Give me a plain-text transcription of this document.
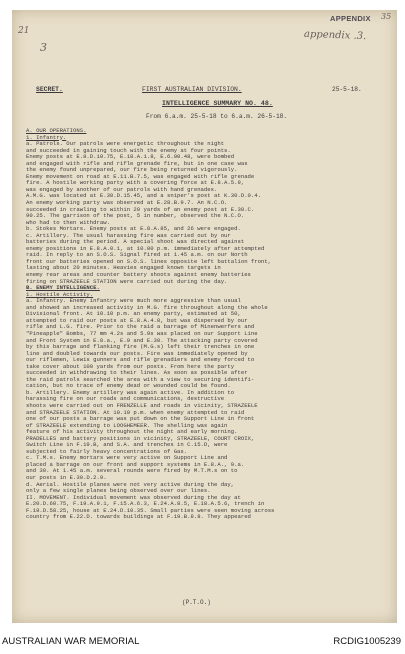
APPENDIX 35
21
3
appendix .3.
SECRET.	FIRST AUSTRALIAN DIVISION.	25-5-18.
INTELLIGENCE SUMMARY NO. 48.
From 6.a.m. 25-5-18 to 6.a.m. 26-5-18.
A. OUR OPERATIONS.
1. Infantry.
a. Patrols. Our patrols were energetic throughout the night
and succeeded in gaining touch with the enemy at four points.
Enemy posts at E.8.D.10.75, E.18.A.1.8, E.6.00.48, were bombed
and engaged with rifle and rifle grenade fire, but in one case was
the enemy found unprepared, our fire being returned vigorously.
Enemy movement on road at E.11.B.7.5, was engaged with rifle grenade
fire. A hostile working party with a covering force at E.8.A.5.9,
was engaged by another of our patrols with hand grenades.
A.M.G. was located at E.30.D.15.45, and a sniper's post at K.30.D.0.4.
An enemy working party was observed at E.28.B.9.7. An N.C.O.
succeeded in crawling to within 20 yards of an enemy post at E.30.C.
90.25. The garrison of the post, 5 in number, observed the N.C.O.
who had to then withdraw.
b. Stokes Mortars. Enemy posts at E.8.A.85, and 26 were engaged.
c. Artillery. The usual harassing fire was carried out by our
batteries during the period. A special shoot was directed against
enemy positions in E.8.A.0.1, at 10.00 p.m. immediately after attempted
raid. In reply to an S.O.S. Signal fired at 1.45 a.m. on our North
front our batteries opened on S.O.S. lines opposite left battalion front,
lasting about 20 minutes. Heavies engaged known targets in
enemy rear areas and counter battery shoots against enemy batteries
firing on STRAZEELE STATION were carried out during the day.
B. ENEMY INTELLIGENCE.
1. Hostile Activity.
a. Infantry. Enemy infantry were much more aggressive than usual
and showed an increased activity in M.G. fire throughout along the whole
Divisional front. At 10.10 p.m. an enemy party, estimated at 50,
attempted to raid our posts at E.8.A.4.8, but was dispersed by our
rifle and L.G. fire. Prior to the raid a barrage of Minenwerfers and
"Pineapple" Bombs, 77 mm 4.2s and 5.9s was placed on our Support Line
and Front System in E.8.a., E.9 and E.30. The attacking party covered
by this barrage and flanking fire (M.G.s) left their trenches in one
line and doubled towards our posts. Fire was immediately opened by
our riflemen, Lewis gunners and rifle grenadiers and enemy forced to
take cover about 100 yards from our posts. From here the party
succeeded in withdrawing to their lines. As soon as possible after
the raid patrols searched the area with a view to securing identifi-
cation, but no trace of enemy dead or wounded could be found.
b. Artillery. Enemy artillery was again active. In addition to
harassing fire on our roads and communications, destructive
shoots were carried out on FRENZELLE and roads in vicinity, STRAZEELE
and STRAZEELE STATION. At 10.10 p.m. when enemy attempted to raid
one of our posts a barrage was put down on the Support Line in front
of STRAZEELE extending to LOOGHEMEER. The shelling was again
feature of his activity throughout the night and early morning.
PRADELLES and battery positions in vicinity, STRAZEELE, COURT CROIX,
Switch Line in F.19.B, and S.A. and trenches in C.15.D, were
subjected to fairly heavy concentrations of Gas.
c. T.M.s. Enemy mortars were very active on Support Line and
placed a barrage on our front and support systems in E.8.A., 9.a.
and 30. At 1.45 a.m. several rounds were fired by M.T.M.s on to
our posts in E.30.D.2.9.
d. Aerial. Hostile planes were not very active during the day,
only a few single planes being observed over our lines.
II. MOVEMENT. Individual movement was observed during the day at
E.20.D.60.75, F.19.A.9.1, F.15.A.6.3, E.24.A.8.5, E.18.A.5.6, trench in
F.19.D.58.25, house at E.24.D.10.35. Small parties were seen moving across
country from E.22.D. towards buildings at F.19.B.8.8. They appeared
(P.T.O.)
AUSTRALIAN WAR MEMORIAL	RCDIG1005239
